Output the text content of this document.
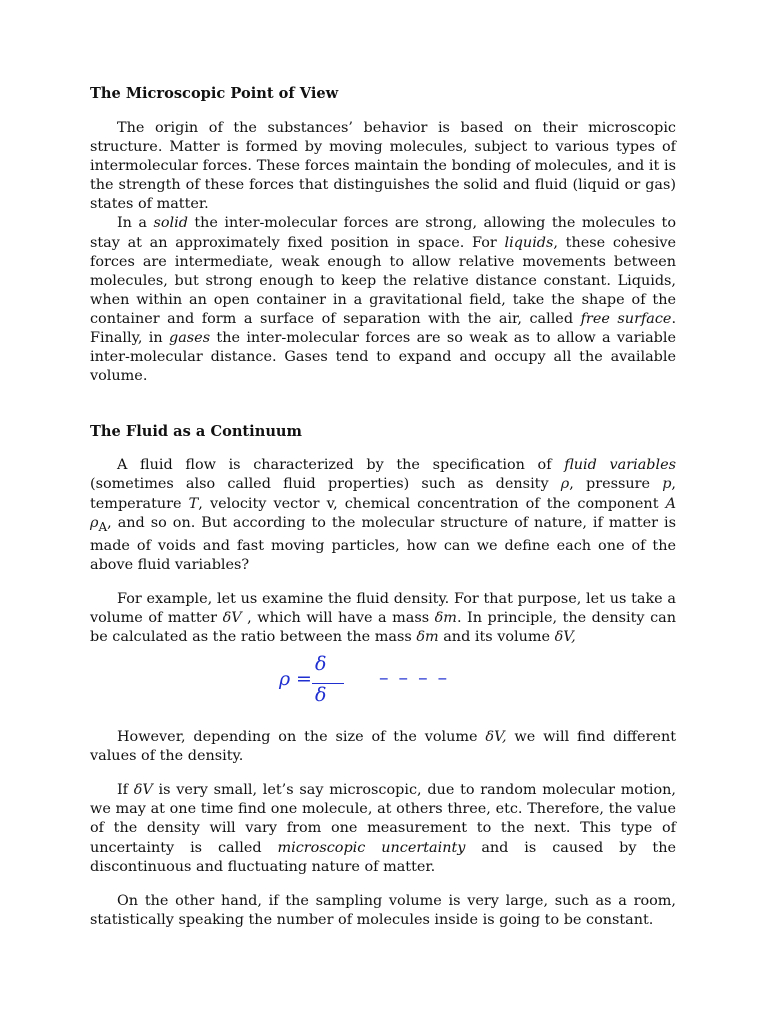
The Microscopic Point of View

The origin of the substances’ behavior is based on their microscopic structure. Matter is formed by moving molecules, subject to various types of intermolecular forces. These forces maintain the bonding of molecules, and it is the strength of these forces that distinguishes the solid and fluid (liquid or gas) states of matter.

In a solid the inter-molecular forces are strong, allowing the molecules to stay at an approximately fixed position in space. For liquids, these cohesive forces are intermediate, weak enough to allow relative movements between molecules, but strong enough to keep the relative distance constant. Liquids, when within an open container in a gravitational field, take the shape of the container and form a surface of separation with the air, called free surface. Finally, in gases the inter-molecular forces are so weak as to allow a variable inter-molecular distance. Gases tend to expand and occupy all the available volume.

The Fluid as a Continuum

A fluid flow is characterized by the specification of fluid variables (sometimes also called fluid properties) such as density ρ, pressure p, temperature T, velocity vector v, chemical concentration of the component A $\rho_A$, and so on. But according to the molecular structure of nature, if matter is made of voids and fast moving particles, how can we define each one of the above fluid variables?

For example, let us examine the fluid density. For that purpose, let us take a volume of matter δV , which will have a mass δm. In principle, the density can be calculated as the ratio between the mass δm and its volume δV,

ρ =
δ
δ
– – – –

However, depending on the size of the volume δV, we will find different values of the density.

If δV is very small, let’s say microscopic, due to random molecular motion, we may at one time find one molecule, at others three, etc. Therefore, the value of the density will vary from one measurement to the next. This type of uncertainty is called microscopic uncertainty and is caused by the discontinuous and fluctuating nature of matter.

On the other hand, if the sampling volume is very large, such as a room, statistically speaking the number of molecules inside is going to be constant.
